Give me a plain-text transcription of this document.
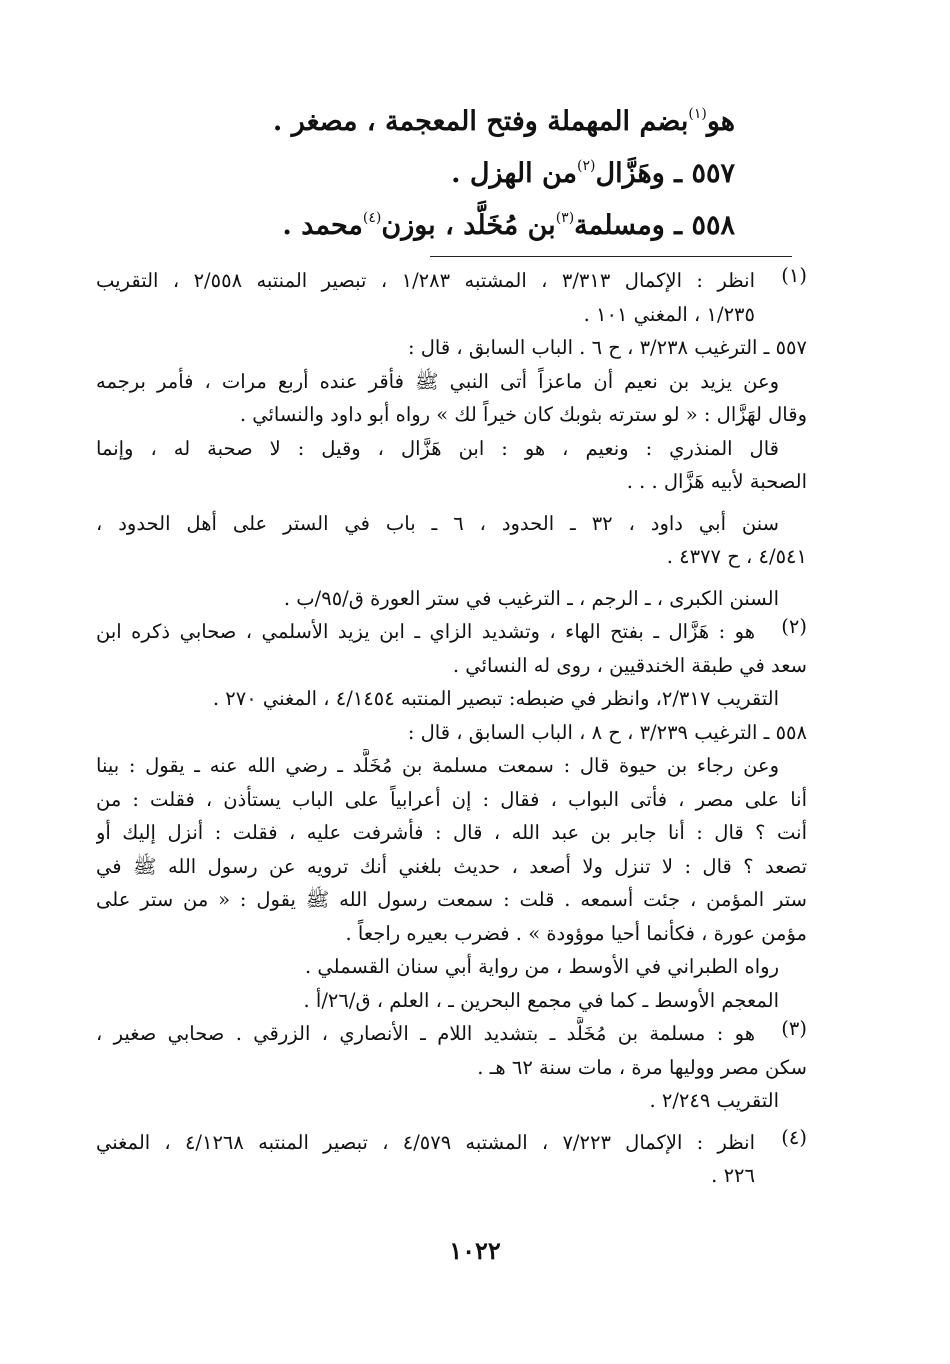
هو$^{(١)}$بضم المهملة وفتح المعجمة ، مصغر .
٥٥٧ ـ وهَزَّال$^{(٢)}$من الهزل .
٥٥٨ ـ ومسلمة$^{(٣)}$بن مُخَلَّد ، بوزن$^{(٤)}$محمد .
(١)
انظر : الإكمال ٣/٣١٣ ، المشتبه ١/٢٨٣ ، تبصير المنتبه ٢/٥٥٨ ، التقريب
١/٢٣٥ ، المغني ١٠١ .
٥٥٧ ـ الترغيب ٣/٢٣٨ ، ح ٦ . الباب السابق ، قال :
وعن يزيد بن نعيم أن ماعزاً أتى النبي ﷺ فأقر عنده أربع مرات ، فأمر برجمه
وقال لهَزَّال : « لو سترته بثوبك كان خيراً لك » رواه أبو داود والنسائي .
قال المنذري : ونعيم ، هو : ابن هَزَّال ، وقيل : لا صحبة له ، وإنما
الصحبة لأبيه هَزَّال . . .
سنن أبي داود ، ٣٢ ـ الحدود ، ٦ ـ باب في الستر على أهل الحدود ،
٤/٥٤١ ، ح ٤٣٧٧ .
السنن الكبرى ، ـ الرجم ، ـ الترغيب في ستر العورة ق/٩٥/ب .
(٢)
هو : هَزَّال ـ بفتح الهاء ، وتشديد الزاي ـ ابن يزيد الأسلمي ، صحابي ذكره ابن
سعد في طبقة الخندقيين ، روى له النسائي .
التقريب ٢/٣١٧، وانظر في ضبطه: تبصير المنتبه ٤/١٤٥٤ ، المغني ٢٧٠ .
٥٥٨ ـ الترغيب ٣/٢٣٩ ، ح ٨ ، الباب السابق ، قال :
وعن رجاء بن حيوة قال : سمعت مسلمة بن مُخَلَّد ـ رضي الله عنه ـ يقول : بينا
أنا على مصر ، فأتى البواب ، فقال : إن أعرابياً على الباب يستأذن ، فقلت : من
أنت ؟ قال : أنا جابر بن عبد الله ، قال : فأشرفت عليه ، فقلت : أنزل إليك أو
تصعد ؟ قال : لا تنزل ولا أصعد ، حديث بلغني أنك ترويه عن رسول الله ﷺ في
ستر المؤمن ، جئت أسمعه . قلت : سمعت رسول الله ﷺ يقول : « من ستر على
مؤمن عورة ، فكأنما أحيا موؤودة » . فضرب بعيره راجعاً .
رواه الطبراني في الأوسط ، من رواية أبي سنان القسملي .
المعجم الأوسط ـ كما في مجمع البحرين ـ ، العلم ، ق/٢٦/أ .
(٣)
هو : مسلمة بن مُخَلَّد ـ بتشديد اللام ـ الأنصاري ، الزرقي . صحابي صغير ،
سكن مصر ووليها مرة ، مات سنة ٦٢ هـ .
التقريب ٢/٢٤٩ .
(٤)
انظر : الإكمال ٧/٢٢٣ ، المشتبه ٤/٥٧٩ ، تبصير المنتبه ٤/١٢٦٨ ، المغني
٢٢٦ .
١٠٢٢
